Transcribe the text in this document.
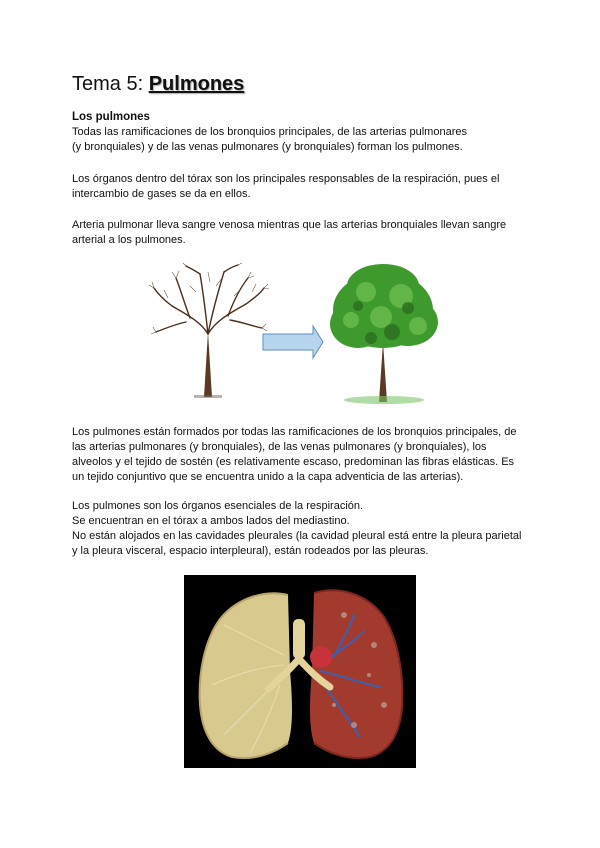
Tema 5: Pulmones
Los pulmones
Todas las ramificaciones de los bronquios principales, de las arterias pulmonares
(y bronquiales) y de las venas pulmonares (y bronquiales) forman los pulmones.
Los órganos dentro del tórax son los principales responsables de la respiración, pues el
intercambio de gases se da en ellos.
Arteria pulmonar lleva sangre venosa mientras que las arterias bronquiales llevan sangre
arterial a los pulmones.
Los pulmones están formados por todas las ramificaciones de los bronquios principales, de
las arterias pulmonares (y bronquiales), de las venas pulmonares (y bronquiales), los
alveolos y el tejido de sostén (es relativamente escaso, predominan las fibras elásticas. Es
un tejido conjuntivo que se encuentra unido a la capa adventicia de las arterias).
Los pulmones son los órganos esenciales de la respiración.
Se encuentran en el tórax a ambos lados del mediastino.
No están alojados en las cavidades pleurales (la cavidad pleural está entre la pleura parietal
y la pleura visceral, espacio interpleural), están rodeados por las pleuras.
